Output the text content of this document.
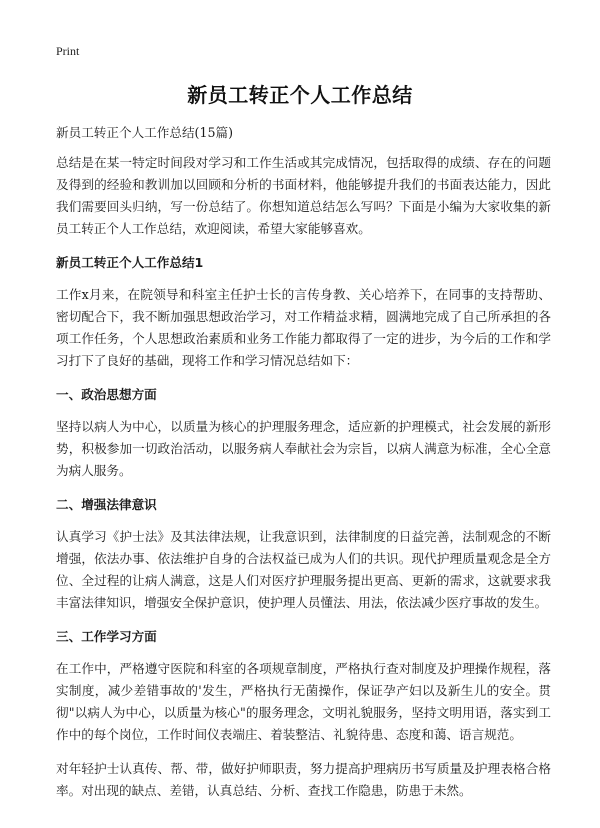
Print
新员工转正个人工作总结

新员工转正个人工作总结(15篇)

总结是在某一特定时间段对学习和工作生活或其完成情况，包括取得的成绩、存在的问题及得到的经验和教训加以回顾和分析的书面材料，他能够提升我们的书面表达能力，因此我们需要回头归纳，写一份总结了。你想知道总结怎么写吗？下面是小编为大家收集的新员工转正个人工作总结，欢迎阅读，希望大家能够喜欢。

新员工转正个人工作总结1

工作x月来，在院领导和科室主任护士长的言传身教、关心培养下，在同事的支持帮助、密切配合下，我不断加强思想政治学习，对工作精益求精，圆满地完成了自己所承担的各项工作任务，个人思想政治素质和业务工作能力都取得了一定的进步，为今后的工作和学习打下了良好的基础，现将工作和学习情况总结如下：

一、政治思想方面

坚持以病人为中心，以质量为核心的护理服务理念，适应新的护理模式，社会发展的新形势，积极参加一切政治活动，以服务病人奉献社会为宗旨，以病人满意为标准，全心全意为病人服务。

二、增强法律意识

认真学习《护士法》及其法律法规，让我意识到，法律制度的日益完善，法制观念的不断增强，依法办事、依法维护自身的合法权益已成为人们的共识。现代护理质量观念是全方位、全过程的让病人满意，这是人们对医疗护理服务提出更高、更新的需求，这就要求我丰富法律知识，增强安全保护意识，使护理人员懂法、用法，依法减少医疗事故的发生。

三、工作学习方面

在工作中，严格遵守医院和科室的各项规章制度，严格执行查对制度及护理操作规程，落实制度，减少差错事故的'发生，严格执行无菌操作，保证孕产妇以及新生儿的安全。贯彻"以病人为中心，以质量为核心"的服务理念，文明礼貌服务，坚持文明用语，落实到工作中的每个岗位，工作时间仪表端庄、着装整洁、礼貌待患、态度和蔼、语言规范。

对年轻护士认真传、帮、带，做好护师职责，努力提高护理病历书写质量及护理表格合格率。对出现的缺点、差错，认真总结、分析、查找工作隐患，防患于未然。
